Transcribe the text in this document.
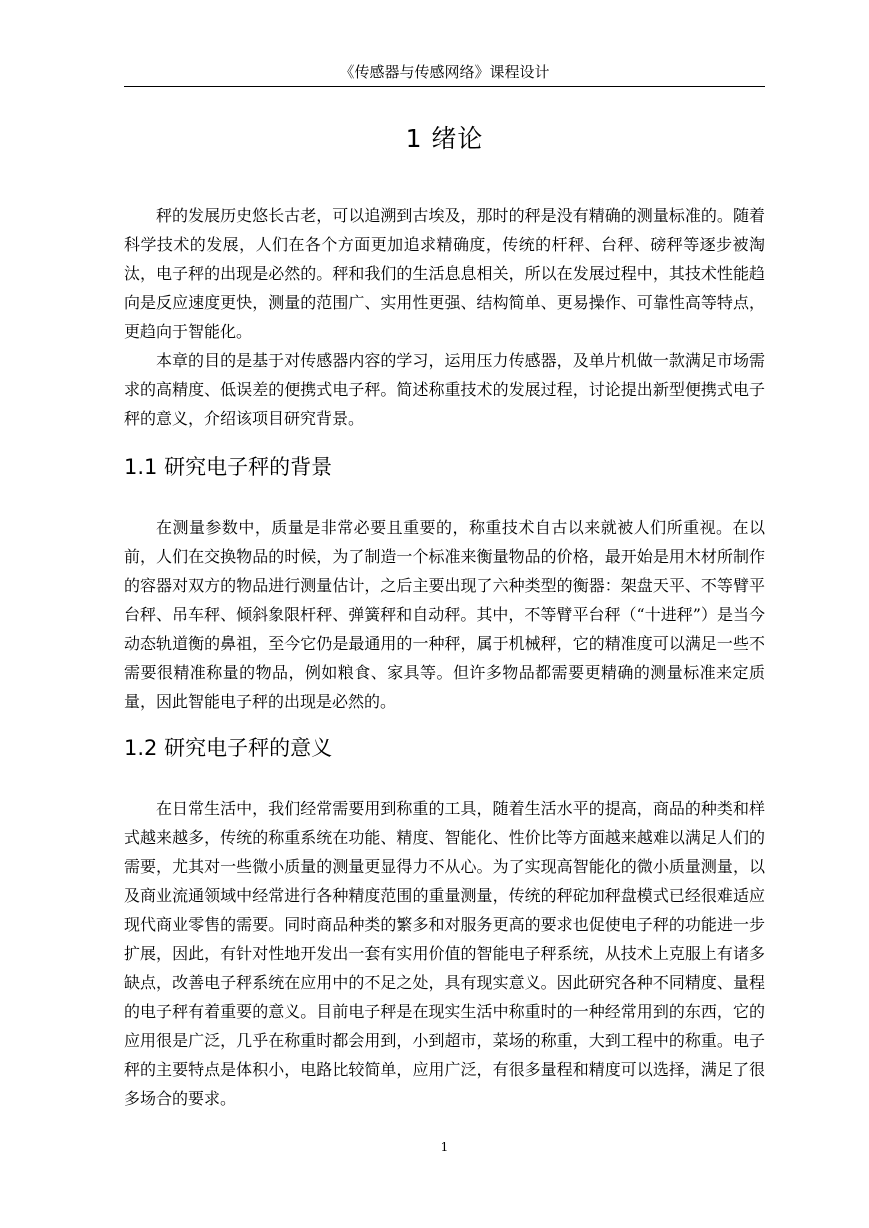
《传感器与传感网络》课程设计
1 绪论

秤的发展历史悠长古老，可以追溯到古埃及，那时的秤是没有精确的测量标准的。随着科学技术的发展，人们在各个方面更加追求精确度，传统的杆秤、台秤、磅秤等逐步被淘汰，电子秤的出现是必然的。秤和我们的生活息息相关，所以在发展过程中，其技术性能趋向是反应速度更快，测量的范围广、实用性更强、结构简单、更易操作、可靠性高等特点，更趋向于智能化。

本章的目的是基于对传感器内容的学习，运用压力传感器，及单片机做一款满足市场需求的高精度、低误差的便携式电子秤。简述称重技术的发展过程，讨论提出新型便携式电子秤的意义，介绍该项目研究背景。

1.1 研究电子秤的背景

在测量参数中，质量是非常必要且重要的，称重技术自古以来就被人们所重视。在以前，人们在交换物品的时候，为了制造一个标准来衡量物品的价格，最开始是用木材所制作的容器对双方的物品进行测量估计，之后主要出现了六种类型的衡器：架盘天平、不等臂平台秤、吊车秤、倾斜象限杆秤、弹簧秤和自动秤。其中，不等臂平台秤（“十进秤”）是当今动态轨道衡的鼻祖，至今它仍是最通用的一种秤，属于机械秤，它的精准度可以满足一些不需要很精准称量的物品，例如粮食、家具等。但许多物品都需要更精确的测量标准来定质量，因此智能电子秤的出现是必然的。

1.2 研究电子秤的意义

在日常生活中，我们经常需要用到称重的工具，随着生活水平的提高，商品的种类和样式越来越多，传统的称重系统在功能、精度、智能化、性价比等方面越来越难以满足人们的需要，尤其对一些微小质量的测量更显得力不从心。为了实现高智能化的微小质量测量，以及商业流通领域中经常进行各种精度范围的重量测量，传统的秤砣加秤盘模式已经很难适应现代商业零售的需要。同时商品种类的繁多和对服务更高的要求也促使电子秤的功能进一步扩展，因此，有针对性地开发出一套有实用价值的智能电子秤系统，从技术上克服上有诸多缺点，改善电子秤系统在应用中的不足之处，具有现实意义。因此研究各种不同精度、量程的电子秤有着重要的意义。目前电子秤是在现实生活中称重时的一种经常用到的东西，它的应用很是广泛，几乎在称重时都会用到，小到超市，菜场的称重，大到工程中的称重。电子秤的主要特点是体积小，电路比较简单，应用广泛，有很多量程和精度可以选择，满足了很多场合的要求。

1
